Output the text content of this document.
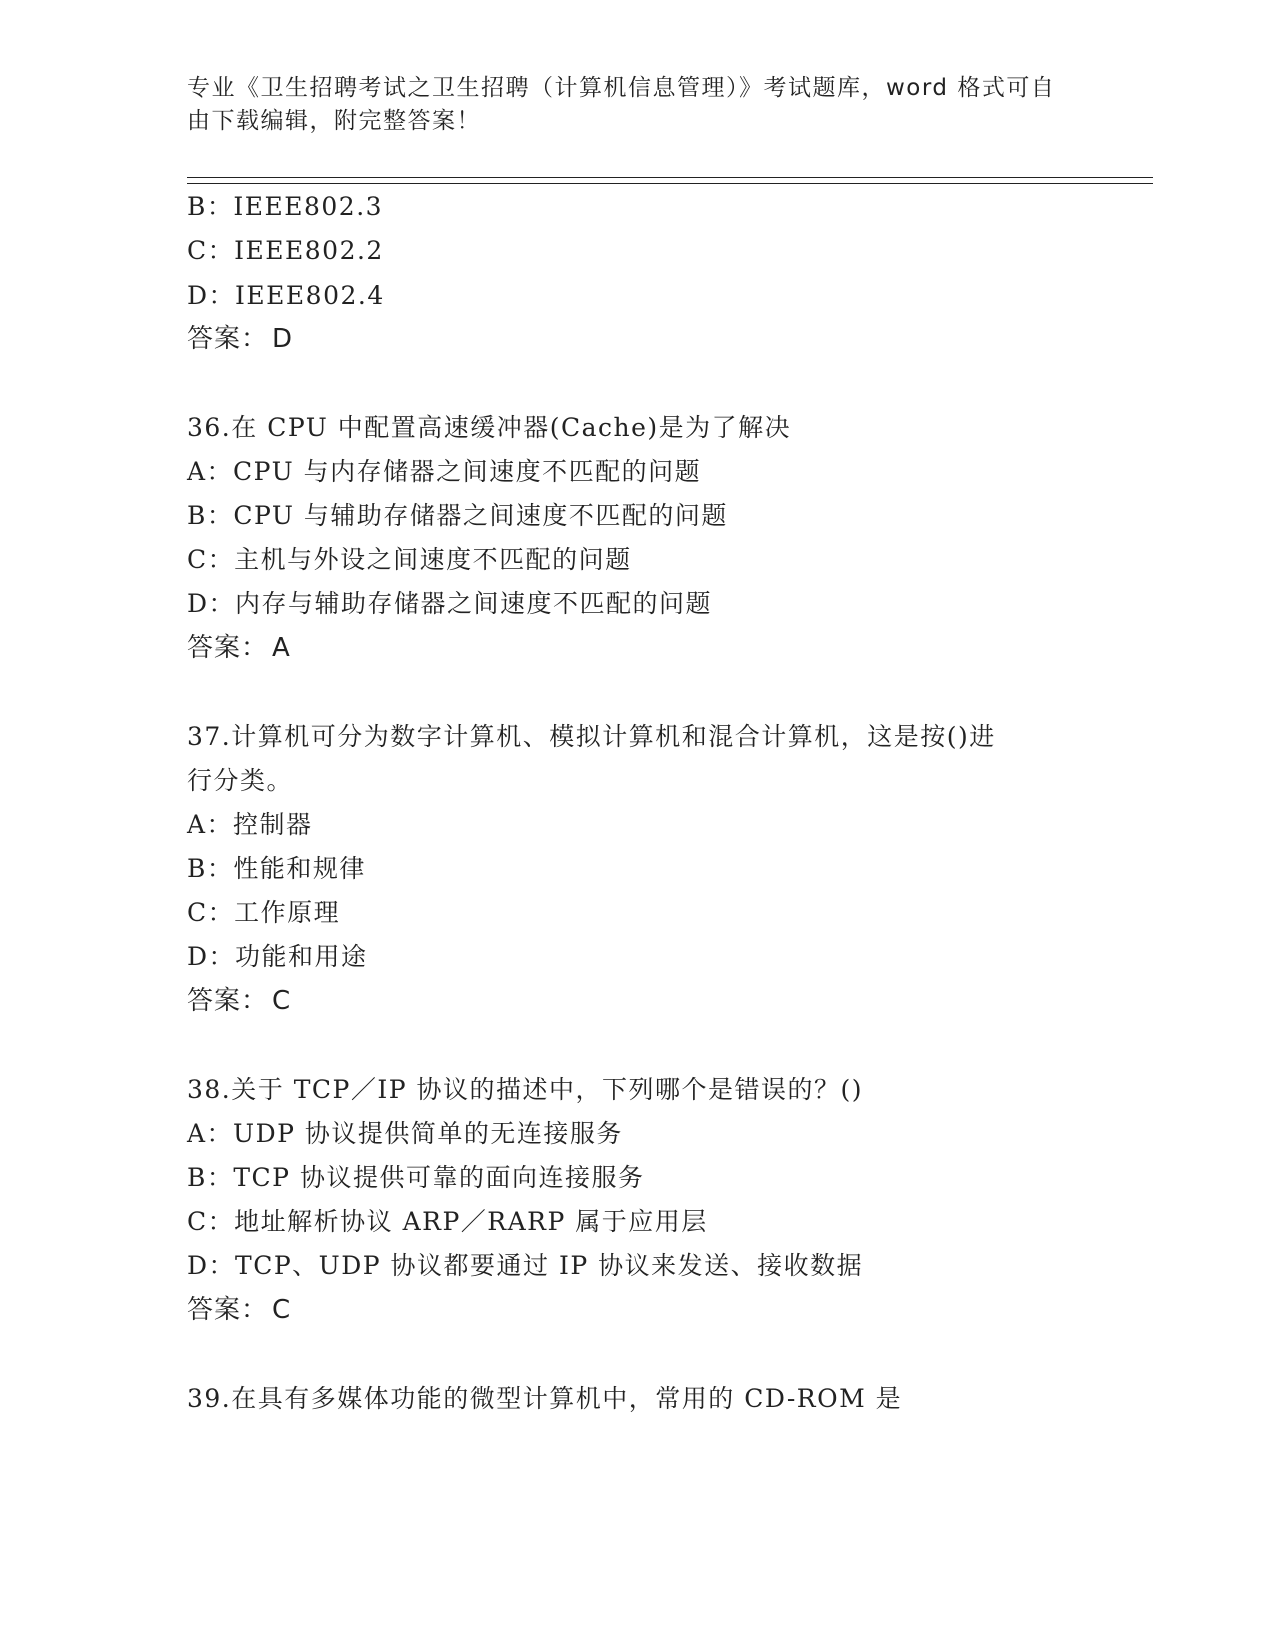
专业《卫生招聘考试之卫生招聘（计算机信息管理）》考试题库，word 格式可自
由下载编辑，附完整答案！
B：IEEE802.3
C：IEEE802.2
D：IEEE802.4
答案： D
36.在 CPU 中配置高速缓冲器(Cache)是为了解决
A：CPU 与内存储器之间速度不匹配的问题
B：CPU 与辅助存储器之间速度不匹配的问题
C：主机与外设之间速度不匹配的问题
D：内存与辅助存储器之间速度不匹配的问题
答案： A
37.计算机可分为数字计算机、模拟计算机和混合计算机，这是按()进
行分类。
A：控制器
B：性能和规律
C：工作原理
D：功能和用途
答案： C
38.关于 TCP／IP 协议的描述中，下列哪个是错误的？()
A：UDP 协议提供简单的无连接服务
B：TCP 协议提供可靠的面向连接服务
C：地址解析协议 ARP／RARP 属于应用层
D：TCP、UDP 协议都要通过 IP 协议来发送、接收数据
答案： C
39.在具有多媒体功能的微型计算机中，常用的 CD-ROM 是
